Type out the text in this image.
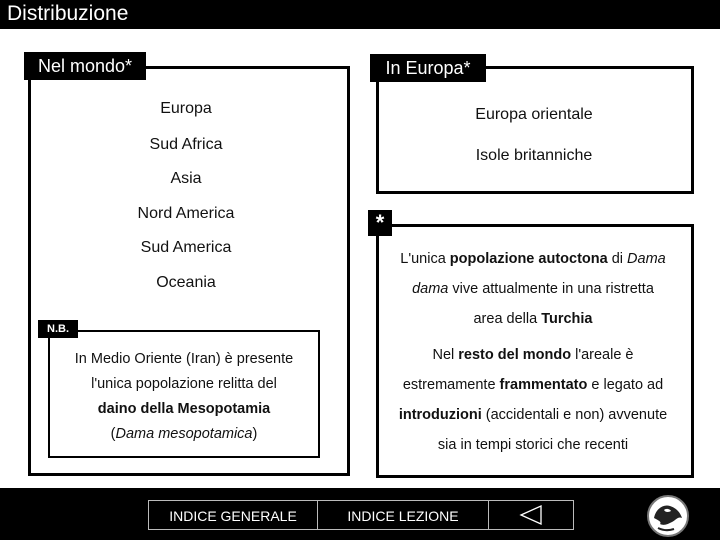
Distribuzione
Nel mondo*
Europa
Sud Africa
Asia
Nord America
Sud America
Oceania
N.B.
In Medio Oriente (Iran) è presente
l'unica popolazione relitta del
daino della Mesopotamia
(Dama mesopotamica)
In Europa*
Europa orientale
Isole britanniche
*
L'unica popolazione autoctona di Dama
dama vive attualmente in una ristretta
area della Turchia
Nel resto del mondo l'areale è
estremamente frammentato e legato ad
introduzioni (accidentali e non) avvenute
sia in tempi storici che recenti
INDICE GENERALE	INDICE LEZIONE
